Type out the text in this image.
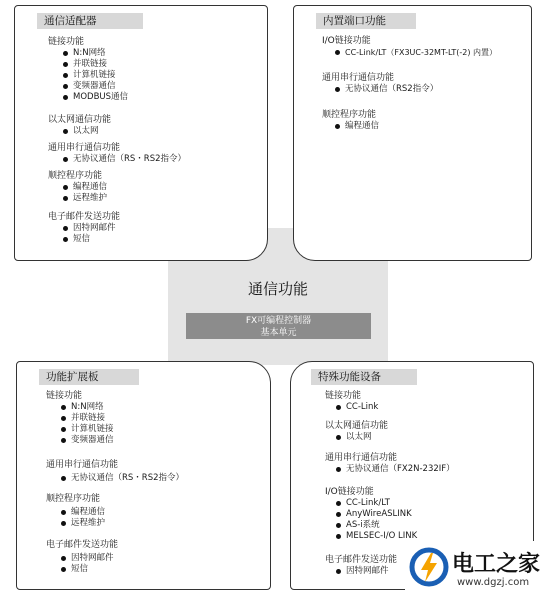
通信功能
FX可编程控制器
基本单元
通信适配器
链接功能
N:N网络
并联链接
计算机链接
变频器通信
MODBUS通信
以太网通信功能
以太网
通用串行通信功能
无协议通信（RS・RS2指令）
顺控程序功能
编程通信
远程维护
电子邮件发送功能
因特网邮件
短信
内置端口功能
I/O链接功能
CC-Link/LT（FX3UC-32MT-LT(-2) 内置）
通用串行通信功能
无协议通信（RS2指令）
顺控程序功能
编程通信
功能扩展板
链接功能
N:N网络
并联链接
计算机链接
变频器通信
通用串行通信功能
无协议通信（RS・RS2指令）
顺控程序功能
编程通信
远程维护
电子邮件发送功能
因特网邮件
短信
特殊功能设备
链接功能
CC-Link
以太网通信功能
以太网
通用串行通信功能
无协议通信（FX2N-232IF）
I/O链接功能
CC-Link/LT
AnyWireASLINK
AS-i系统
MELSEC-I/O LINK
电子邮件发送功能
因特网邮件	电工之家
www.dgzj.com
